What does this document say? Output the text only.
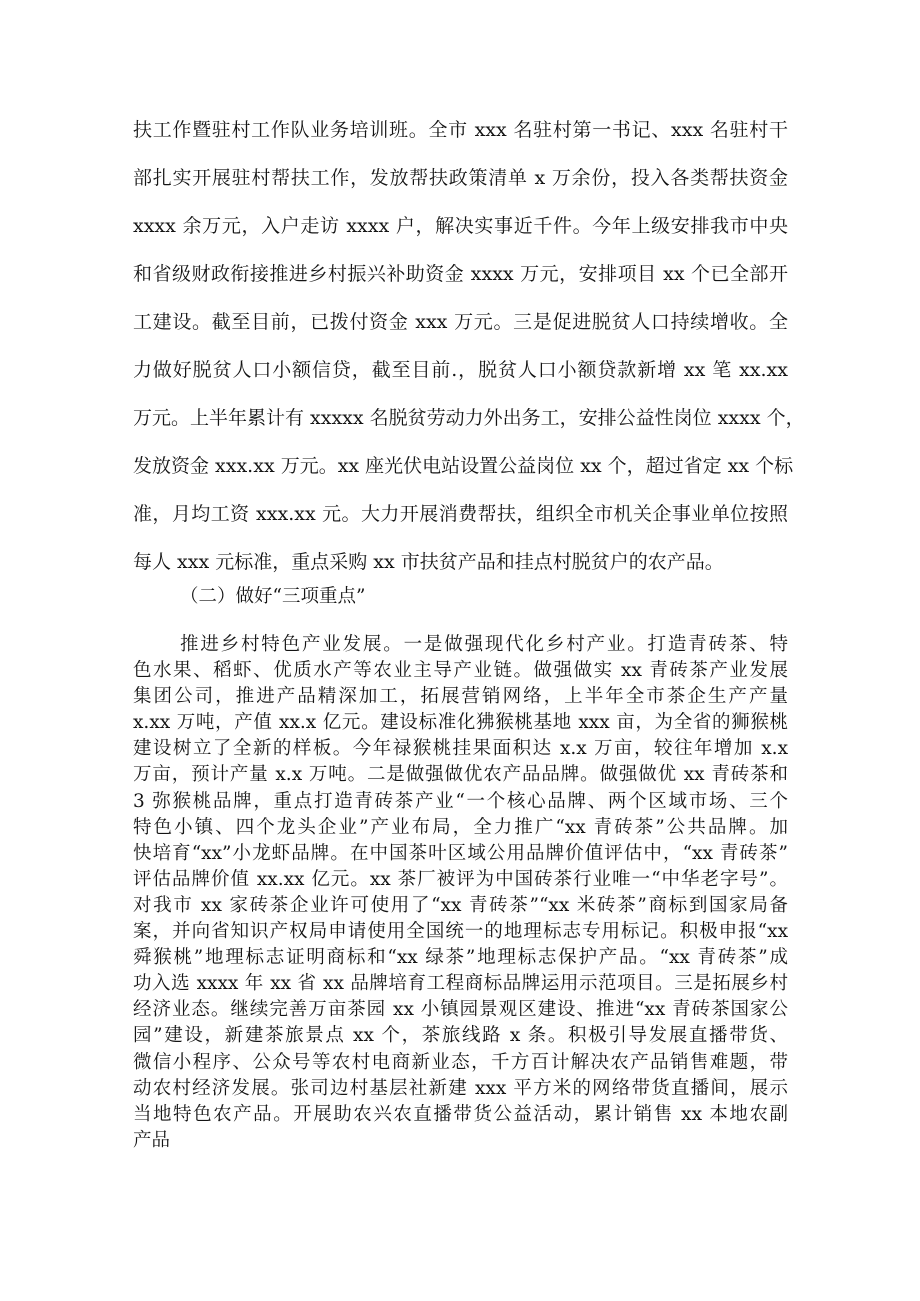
扶工作暨驻村工作队业务培训班。全市 xxx 名驻村第一书记、xxx 名驻村干
部扎实开展驻村帮扶工作，发放帮扶政策清单 x 万余份，投入各类帮扶资金
xxxx 余万元，入户走访 xxxx 户，解决实事近千件。今年上级安排我市中央
和省级财政衔接推进乡村振兴补助资金 xxxx 万元，安排项目 xx 个已全部开
工建设。截至目前，已拨付资金 xxx 万元。三是促进脱贫人口持续增收。全
力做好脱贫人口小额信贷，截至目前.，脱贫人口小额贷款新增 xx 笔 xx.xx
万元。上半年累计有 xxxxx 名脱贫劳动力外出务工，安排公益性岗位 xxxx 个，
发放资金 xxx.xx 万元。xx 座光伏电站设置公益岗位 xx 个，超过省定 xx 个标
准，月均工资 xxx.xx 元。大力开展消费帮扶，组织全市机关企事业单位按照
每人 xxx 元标准，重点采购 xx 市扶贫产品和挂点村脱贫户的农产品。
（二）做好“三项重点”
推进乡村特色产业发展。一是做强现代化乡村产业。打造青砖茶、特
色水果、稻虾、优质水产等农业主导产业链。做强做实 xx 青砖茶产业发展
集团公司，推进产品精深加工，拓展营销网络，上半年全市茶企生产产量
x.xx 万吨，产值 xx.x 亿元。建设标准化狒猴桃基地 xxx 亩，为全省的狮猴桃
建设树立了全新的样板。今年禄猴桃挂果面积达 x.x 万亩，较往年增加 x.x
万亩，预计产量 x.x 万吨。二是做强做优农产品品牌。做强做优 xx 青砖茶和
3 弥猴桃品牌，重点打造青砖茶产业“一个核心品牌、两个区域市场、三个
特色小镇、四个龙头企业”产业布局，全力推广“xx 青砖茶”公共品牌。加
快培育“xx”小龙虾品牌。在中国茶叶区域公用品牌价值评估中，“xx 青砖茶”
评估品牌价值 xx.xx 亿元。xx 茶厂被评为中国砖茶行业唯一“中华老字号”。
对我市 xx 家砖茶企业许可使用了“xx 青砖茶”“xx 米砖茶”商标到国家局备
案，并向省知识产权局申请使用全国统一的地理标志专用标记。积极申报“xx
舜猴桃”地理标志证明商标和“xx 绿茶”地理标志保护产品。“xx 青砖茶”成
功入选 xxxx 年 xx 省 xx 品牌培育工程商标品牌运用示范项目。三是拓展乡村
经济业态。继续完善万亩茶园 xx 小镇园景观区建设、推进“xx 青砖茶国家公
园”建设，新建茶旅景点 xx 个，茶旅线路 x 条。积极引导发展直播带货、
微信小程序、公众号等农村电商新业态，千方百计解决农产品销售难题，带
动农村经济发展。张司边村基层社新建 xxx 平方米的网络带货直播间，展示
当地特色农产品。开展助农兴农直播带货公益活动，累计销售 xx 本地农副
产品
